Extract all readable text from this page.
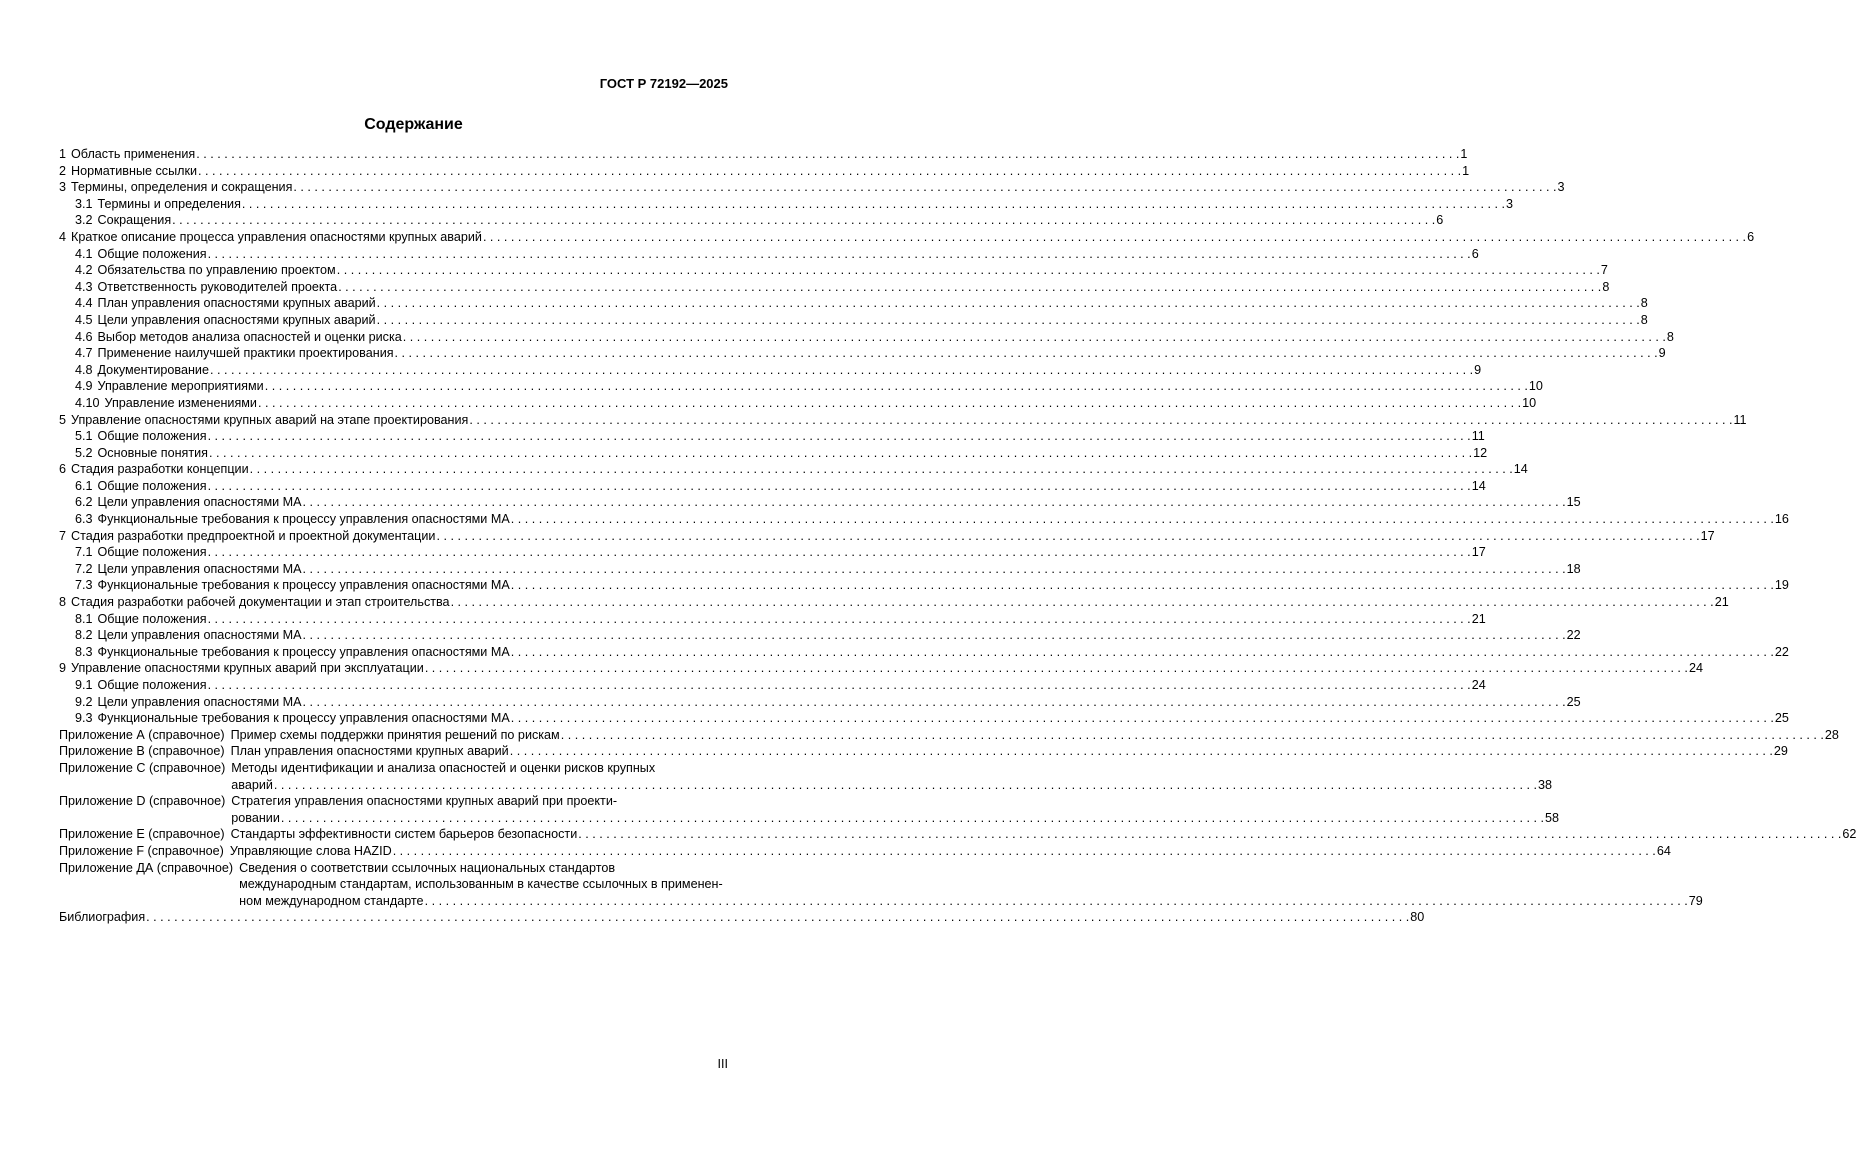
ГОСТ Р 72192—2025
Содержание
1 Область применения . . .	1
2 Нормативные ссылки . . .	1
3 Термины, определения и сокращения . . .	3
3.1 Термины и определения . . .	3
3.2 Сокращения . . .	6
4 Краткое описание процесса управления опасностями крупных аварий . . .	6
4.1 Общие положения . . .	6
4.2 Обязательства по управлению проектом . . .	7
4.3 Ответственность руководителей проекта . . .	8
4.4 План управления опасностями крупных аварий . . .	8
4.5 Цели управления опасностями крупных аварий . . .	8
4.6 Выбор методов анализа опасностей и оценки риска . . .	8
4.7 Применение наилучшей практики проектирования . . .	9
4.8 Документирование . . .	9
4.9 Управление мероприятиями . . .	10
4.10 Управление изменениями . . .	10
5 Управление опасностями крупных аварий на этапе проектирования . . .	11
5.1 Общие положения . . .	11
5.2 Основные понятия . . .	12
6 Стадия разработки концепции . . .	14
6.1 Общие положения . . .	14
6.2 Цели управления опасностями МА . . .	15
6.3 Функциональные требования к процессу управления опасностями МА . . .	16
7 Стадия разработки предпроектной и проектной документации . . .	17
7.1 Общие положения . . .	17
7.2 Цели управления опасностями МА . . .	18
7.3 Функциональные требования к процессу управления опасностями МА . . .	19
8 Стадия разработки рабочей документации и этап строительства . . .	21
8.1 Общие положения . . .	21
8.2 Цели управления опасностями МА . . .	22
8.3 Функциональные требования к процессу управления опасностями МА . . .	22
9 Управление опасностями крупных аварий при эксплуатации . . .	24
9.1 Общие положения . . .	24
9.2 Цели управления опасностями МА . . .	25
9.3 Функциональные требования к процессу управления опасностями МА . . .	25
Приложение А (справочное) Пример схемы поддержки принятия решений по рискам . . .	28
Приложение В (справочное) План управления опасностями крупных аварий . . .	29
Приложение С (справочное) Методы идентификации и анализа опасностей и оценки рисков крупных
аварий . . .	38
Приложение D (справочное) Стратегия управления опасностями крупных аварий при проекти-
ровании . . .	58
Приложение Е (справочное) Стандарты эффективности систем барьеров безопасности . . .	62
Приложение F (справочное) Управляющие слова HAZID . . .	64
Приложение ДА (справочное) Сведения о соответствии ссылочных национальных стандартов
международным стандартам, использованным в качестве ссылочных в применен-
ном международном стандарте . . .	79
Библиография . . .	80
III
